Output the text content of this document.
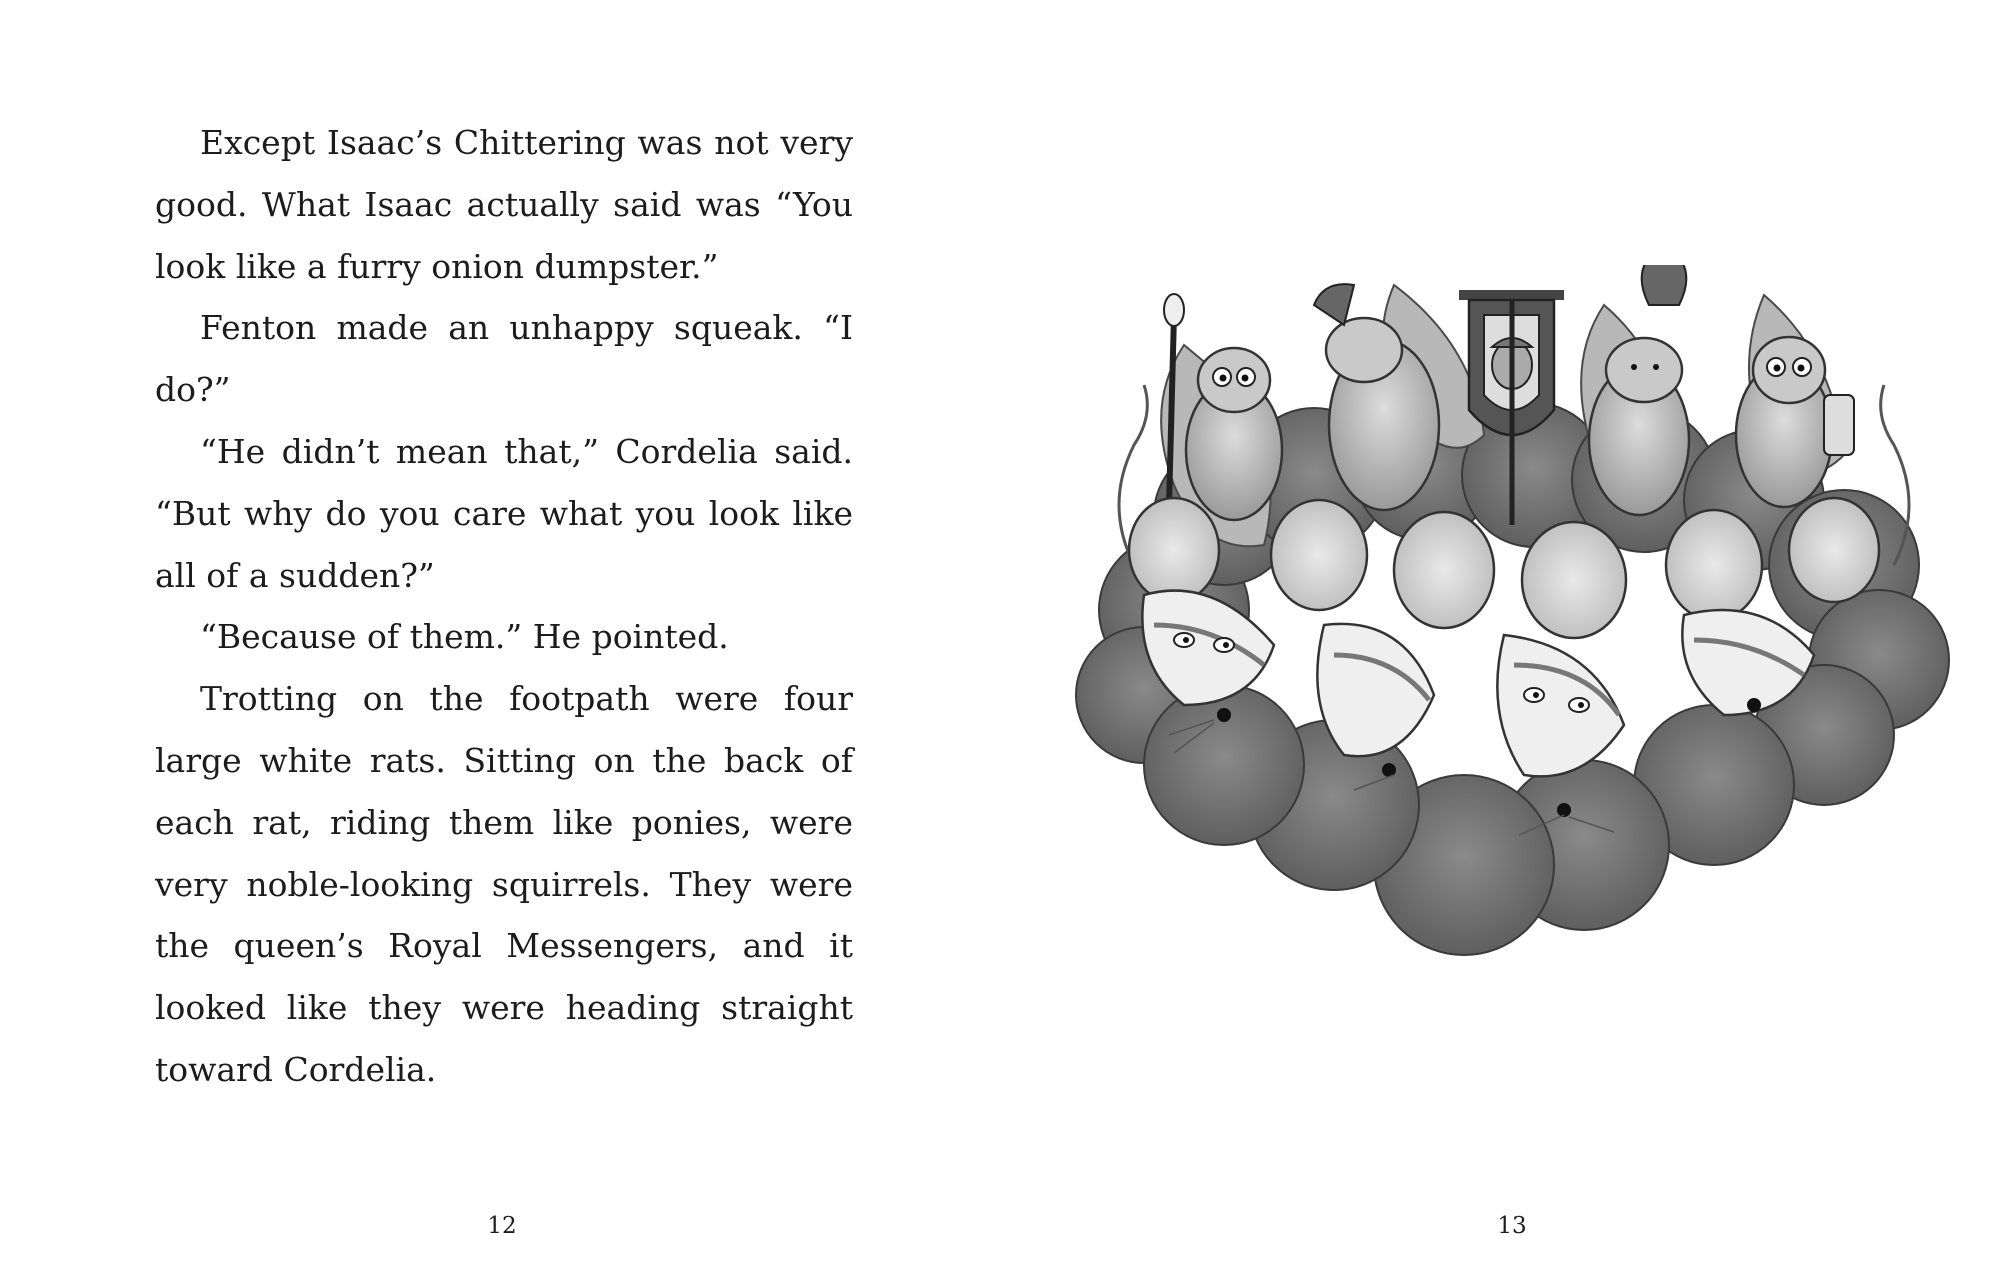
Except Isaac’s Chittering was not very good. What Isaac actually said was “You look like a furry onion dumpster.”

Fenton made an unhappy squeak. “I do?”

“He didn’t mean that,” Cordelia said. “But why do you care what you look like all of a sudden?”

“Because of them.” He pointed.

Trotting on the footpath were four large white rats. Sitting on the back of each rat, riding them like ponies, were very noble-looking squirrels. They were the queen’s Royal Messengers, and it looked like they were heading straight toward Cordelia.

12	13
